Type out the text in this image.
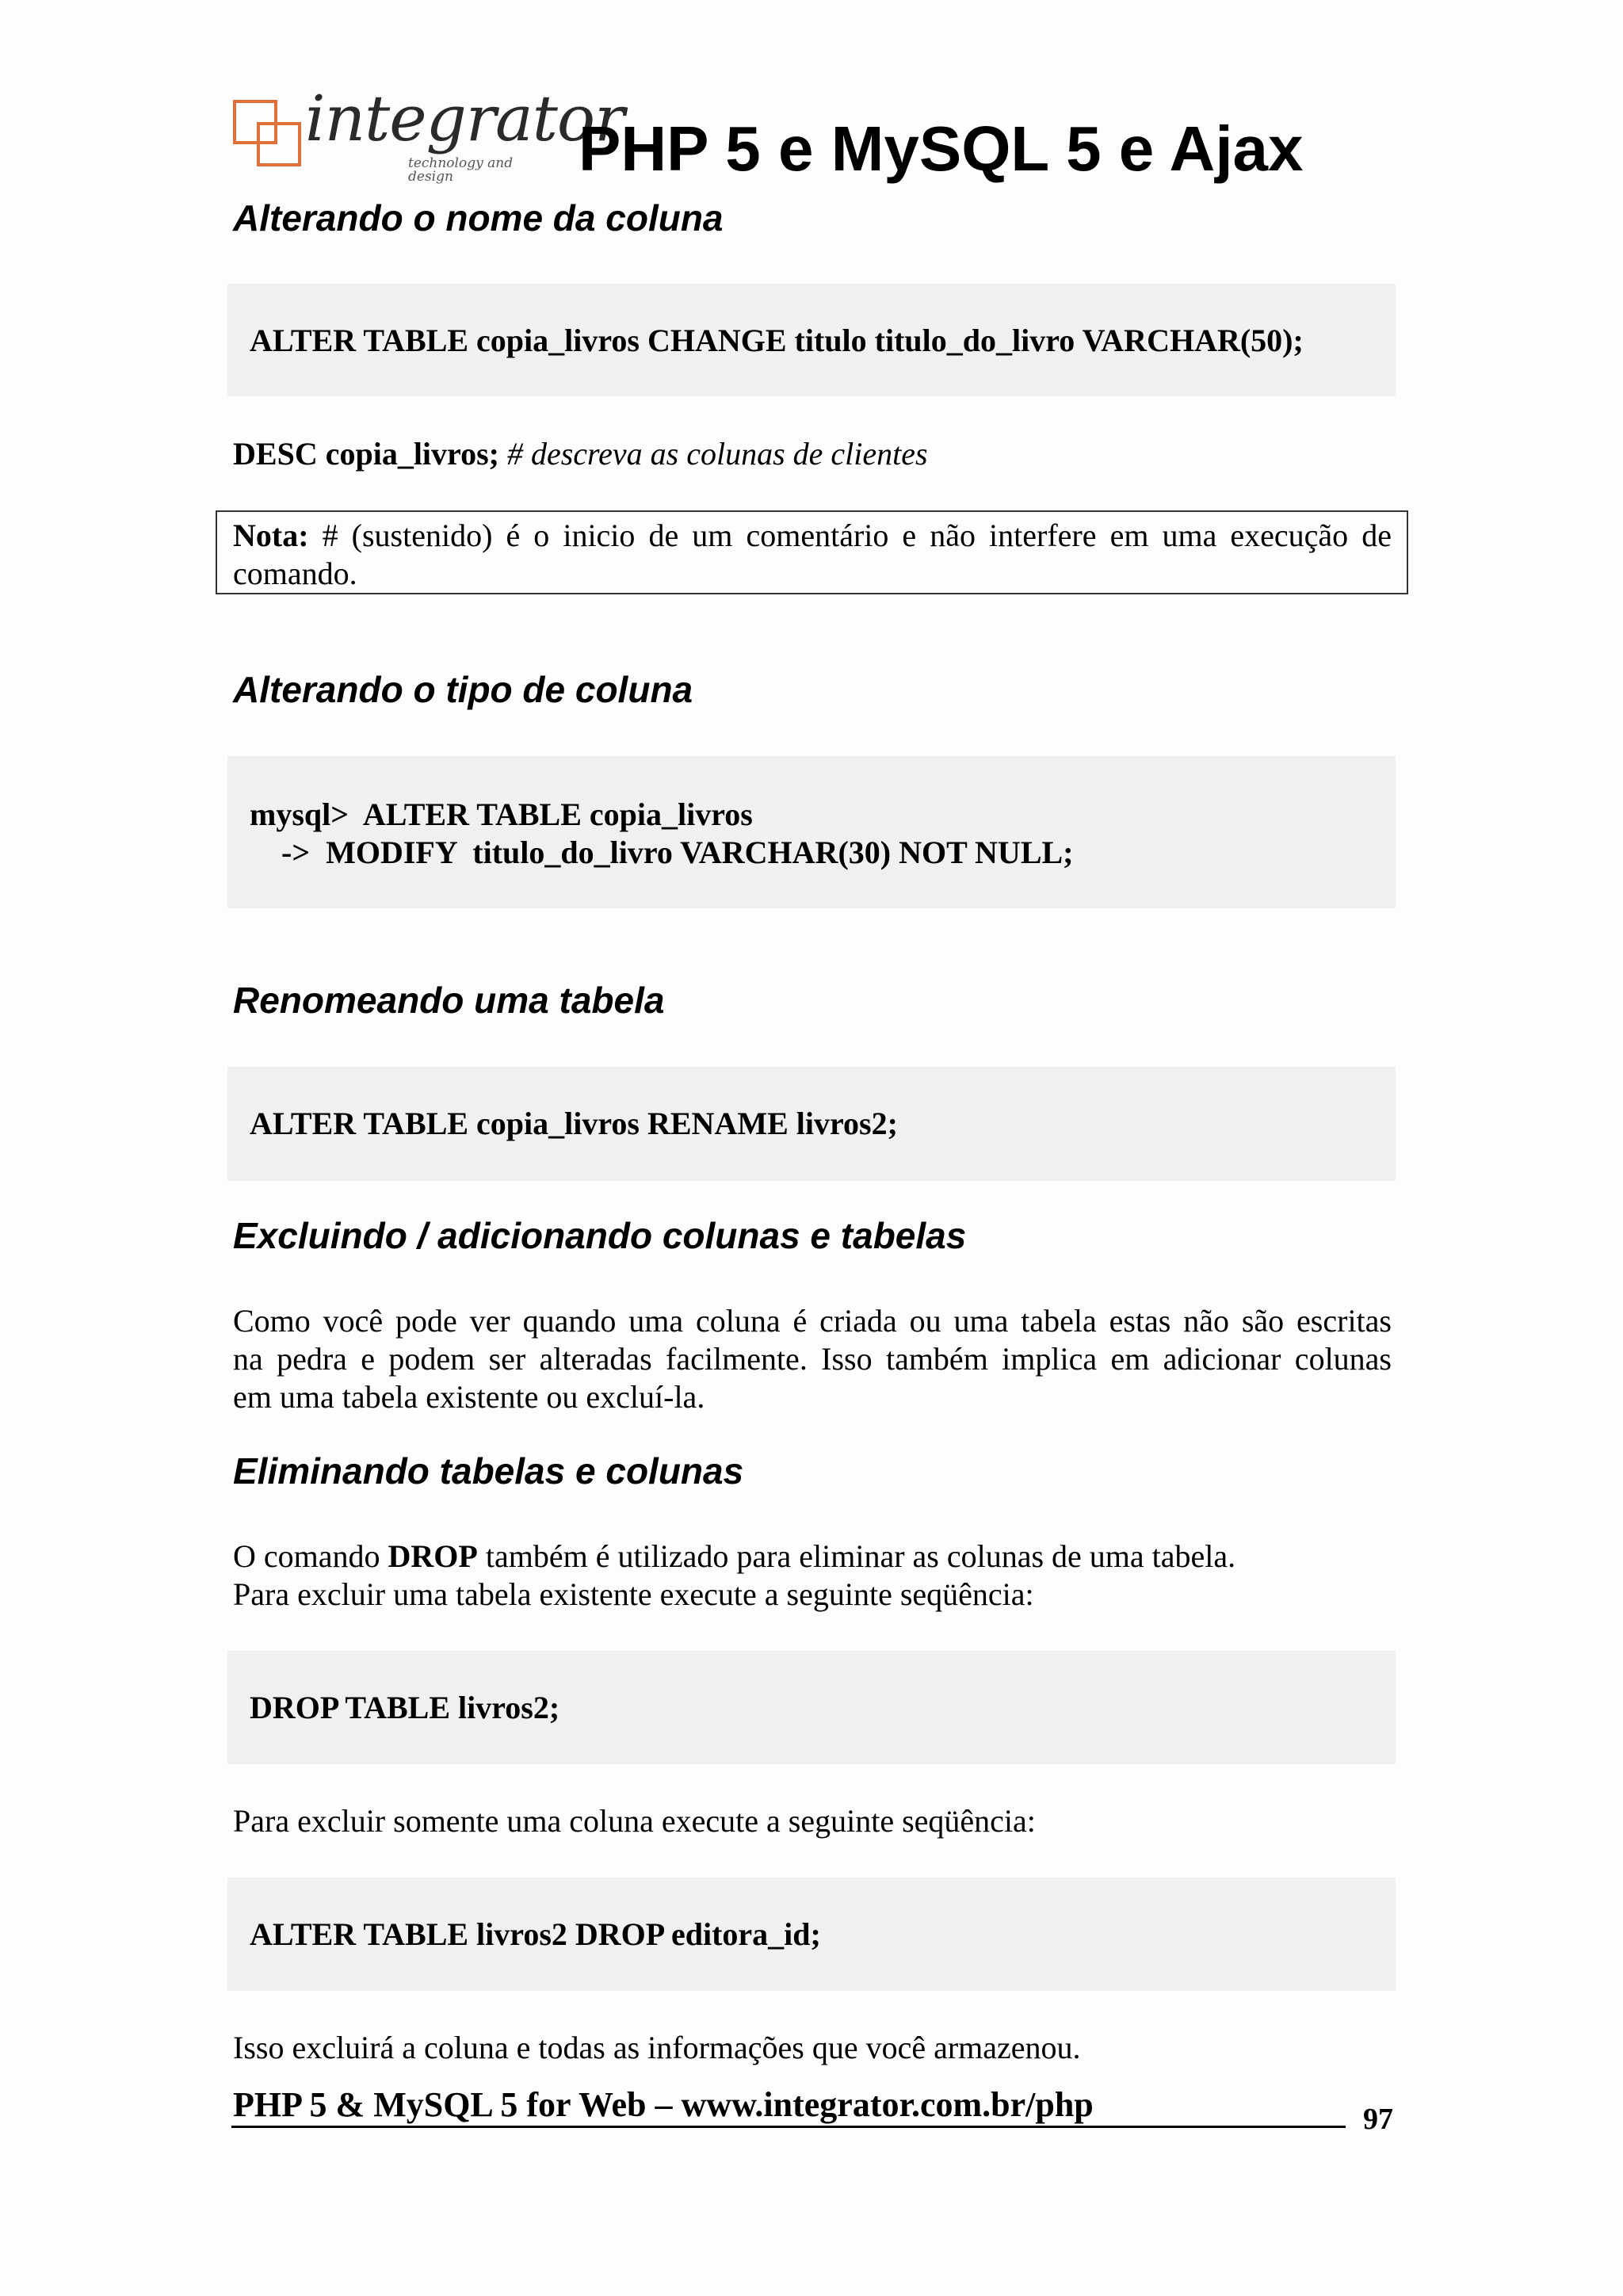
integrator
technology and design	PHP 5 e MySQL 5 e Ajax
Alterando o nome da coluna

ALTER TABLE copia_livros CHANGE titulo titulo_do_livro VARCHAR(50);

DESC copia_livros; # descreva as colunas de clientes
Nota: # (sustenido) é o inicio de um comentário e não interfere em uma execução de
comando.
Alterando o tipo de coluna

mysql>  ALTER TABLE copia_livros

->  MODIFY  titulo_do_livro VARCHAR(30) NOT NULL;

Renomeando uma tabela

ALTER TABLE copia_livros RENAME livros2;

Excluindo / adicionando colunas e tabelas
Como você pode ver quando uma coluna é criada ou uma tabela estas não são escritas
na pedra e podem ser alteradas facilmente. Isso também implica em adicionar colunas
em uma tabela existente ou excluí-la.
Eliminando tabelas e colunas
O comando DROP também é utilizado para eliminar as colunas de uma tabela.
Para excluir uma tabela existente execute a seguinte seqüência:

DROP TABLE livros2;

Para excluir somente uma coluna execute a seguinte seqüência:

ALTER TABLE livros2 DROP editora_id;

Isso excluirá a coluna e todas as informações que você armazenou.
PHP 5 & MySQL 5 for Web – www.integrator.com.br/php	97
